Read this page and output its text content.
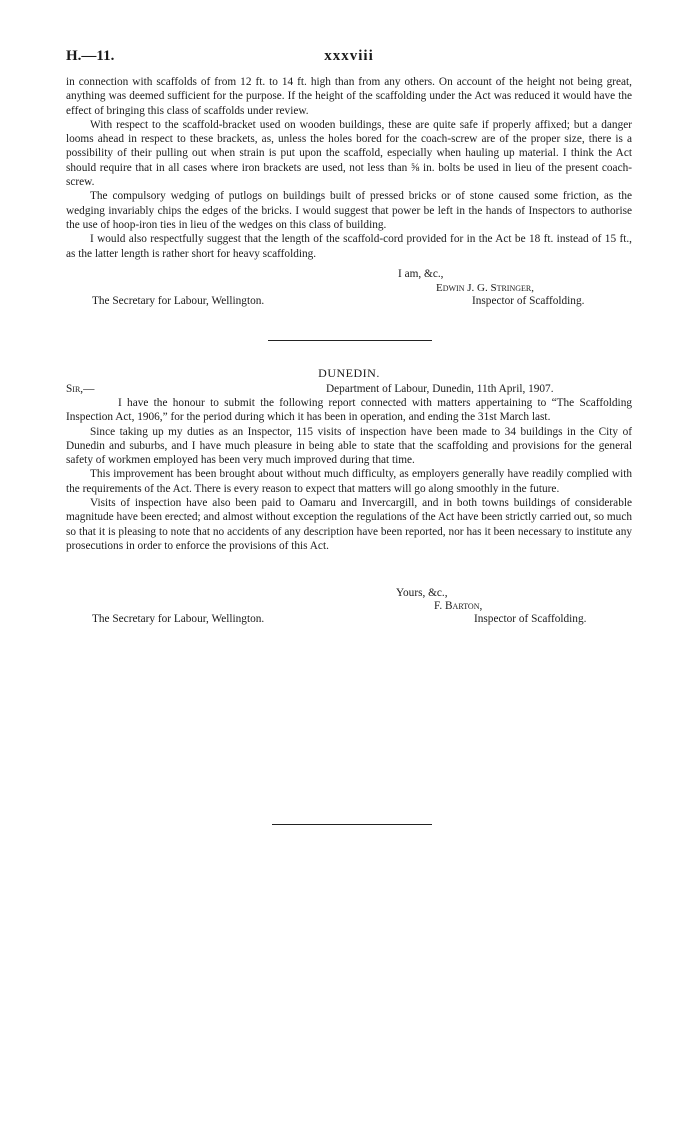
H.—11.	xxxviii

in connection with scaffolds of from 12 ft. to 14 ft. high than from any others. On account of the height not being great, anything was deemed sufficient for the purpose. If the height of the scaffolding under the Act was reduced it would have the effect of bringing this class of scaffolds under review.

With respect to the scaffold-bracket used on wooden buildings, these are quite safe if properly affixed; but a danger looms ahead in respect to these brackets, as, unless the holes bored for the coach-screw are of the proper size, there is a possibility of their pulling out when strain is put upon the scaffold, especially when hauling up material. I think the Act should require that in all cases where iron brackets are used, not less than ⅝ in. bolts be used in lieu of the present coach-screw.

The compulsory wedging of putlogs on buildings built of pressed bricks or of stone caused some friction, as the wedging invariably chips the edges of the bricks. I would suggest that power be left in the hands of Inspectors to authorise the use of hoop-iron ties in lieu of the wedges on this class of building.

I would also respectfully suggest that the length of the scaffold-cord provided for in the Act be 18 ft. instead of 15 ft., as the latter length is rather short for heavy scaffolding.

I am, &c.,
Edwin J. G. Stringer,
The Secretary for Labour, Wellington.	Inspector of Scaffolding.
DUNEDIN.
Sir,—	Department of Labour, Dunedin, 11th April, 1907.

I have the honour to submit the following report connected with matters appertaining to “The Scaffolding Inspection Act, 1906,” for the period during which it has been in operation, and ending the 31st March last.

Since taking up my duties as an Inspector, 115 visits of inspection have been made to 34 buildings in the City of Dunedin and suburbs, and I have much pleasure in being able to state that the scaffolding and provisions for the general safety of workmen employed has been very much improved during that time.

This improvement has been brought about without much difficulty, as employers generally have readily complied with the requirements of the Act. There is every reason to expect that matters will go along smoothly in the future.

Visits of inspection have also been paid to Oamaru and Invercargill, and in both towns buildings of considerable magnitude have been erected; and almost without exception the regulations of the Act have been strictly carried out, so much so that it is pleasing to note that no accidents of any description have been reported, nor has it been necessary to institute any prosecutions in order to enforce the provisions of this Act.

Yours, &c.,
F. Barton,
The Secretary for Labour, Wellington.	Inspector of Scaffolding.
